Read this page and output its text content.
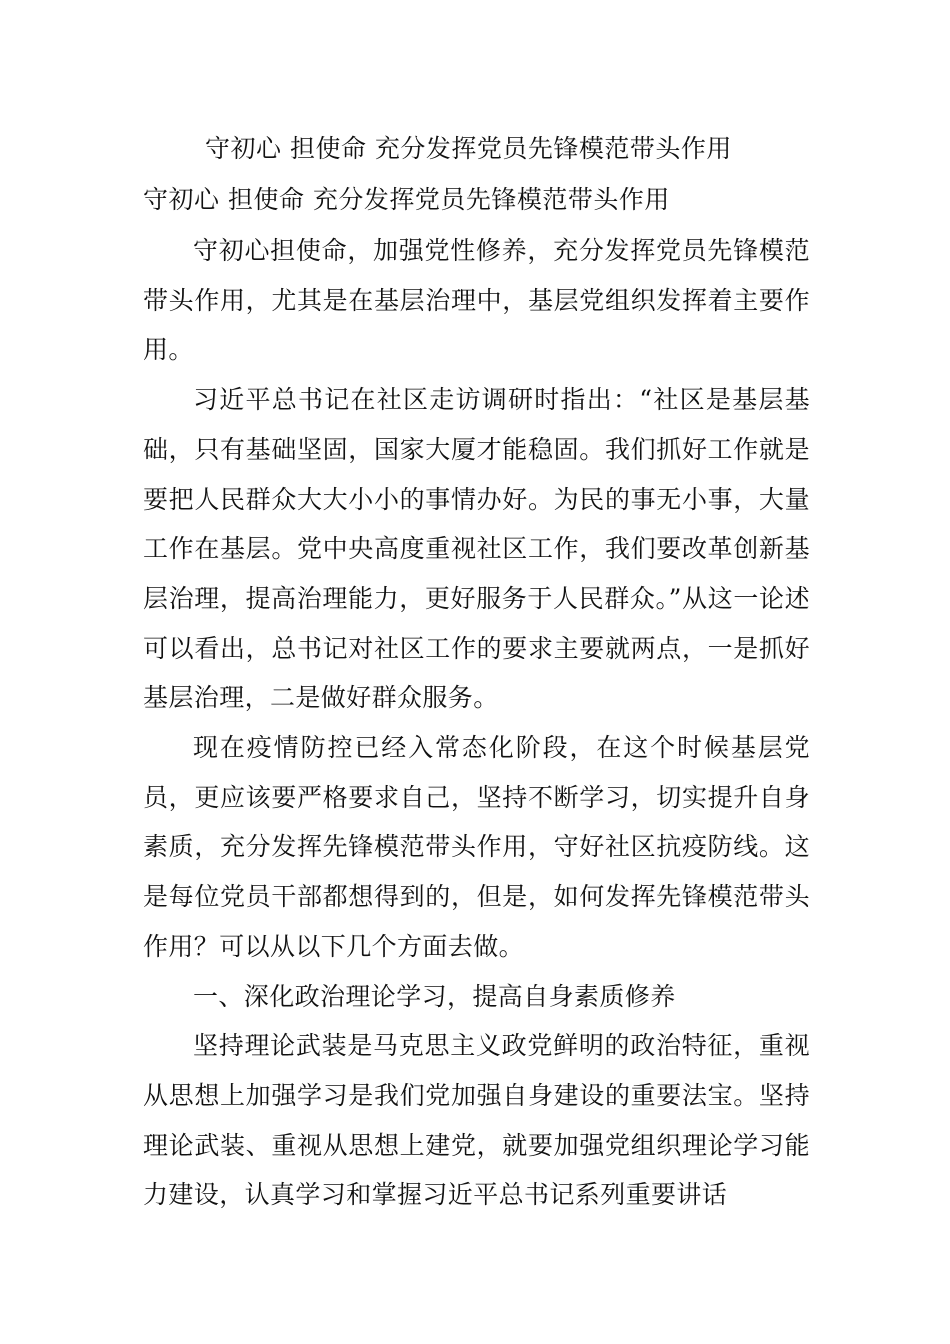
守初心 担使命 充分发挥党员先锋模范带头作用
守初心 担使命 充分发挥党员先锋模范带头作用

守初心担使命，加强党性修养，充分发挥党员先锋模范带头作用，尤其是在基层治理中，基层党组织发挥着主要作用。

习近平总书记在社区走访调研时指出：“社区是基层基础，只有基础坚固，国家大厦才能稳固。我们抓好工作就是要把人民群众大大小小的事情办好。为民的事无小事，大量工作在基层。党中央高度重视社区工作，我们要改革创新基层治理，提高治理能力，更好服务于人民群众。”从这一论述可以看出，总书记对社区工作的要求主要就两点，一是抓好基层治理，二是做好群众服务。

现在疫情防控已经入常态化阶段，在这个时候基层党员，更应该要严格要求自己，坚持不断学习，切实提升自身素质，充分发挥先锋模范带头作用，守好社区抗疫防线。这是每位党员干部都想得到的，但是，如何发挥先锋模范带头作用？可以从以下几个方面去做。

一、深化政治理论学习，提高自身素质修养

坚持理论武装是马克思主义政党鲜明的政治特征，重视从思想上加强学习是我们党加强自身建设的重要法宝。坚持理论武装、重视从思想上建党，就要加强党组织理论学习能力建设，认真学习和掌握习近平总书记系列重要讲话
